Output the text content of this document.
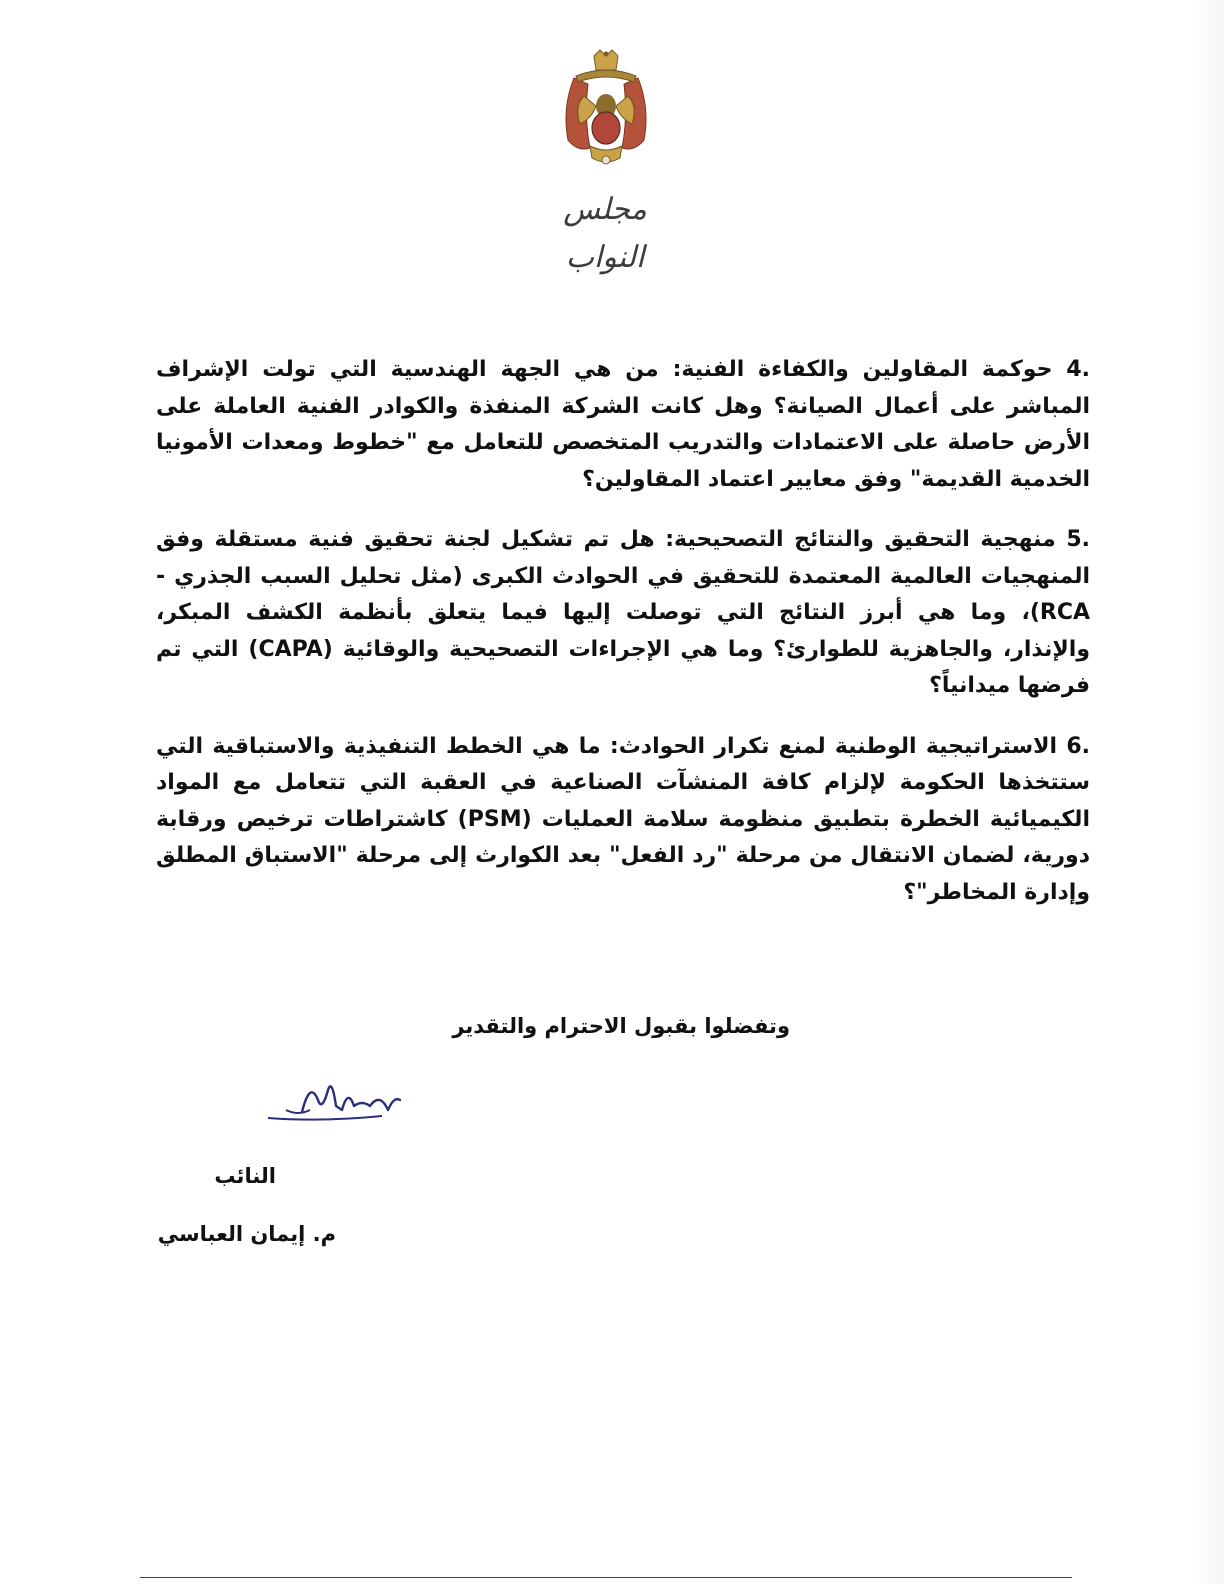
مجلس النواب

4. حوكمة المقاولين والكفاءة الفنية: من هي الجهة الهندسية التي تولت الإشراف المباشر على أعمال الصيانة؟ وهل كانت الشركة المنفذة والكوادر الفنية العاملة على الأرض حاصلة على الاعتمادات والتدريب المتخصص للتعامل مع "خطوط ومعدات الأمونيا الخدمية القديمة" وفق معايير اعتماد المقاولين؟

5. منهجية التحقيق والنتائج التصحيحية: هل تم تشكيل لجنة تحقيق فنية مستقلة وفق المنهجيات العالمية المعتمدة للتحقيق في الحوادث الكبرى (مثل تحليل السبب الجذري - RCA)، وما هي أبرز النتائج التي توصلت إليها فيما يتعلق بأنظمة الكشف المبكر، والإنذار، والجاهزية للطوارئ؟ وما هي الإجراءات التصحيحية والوقائية (CAPA) التي تم فرضها ميدانياً؟

6. الاستراتيجية الوطنية لمنع تكرار الحوادث: ما هي الخطط التنفيذية والاستباقية التي ستتخذها الحكومة لإلزام كافة المنشآت الصناعية في العقبة التي تتعامل مع المواد الكيميائية الخطرة بتطبيق منظومة سلامة العمليات (PSM) كاشتراطات ترخيص ورقابة دورية، لضمان الانتقال من مرحلة "رد الفعل" بعد الكوارث إلى مرحلة "الاستباق المطلق وإدارة المخاطر"؟

وتفضلوا بقبول الاحترام والتقدير
النائب
م. إيمان العباسي
